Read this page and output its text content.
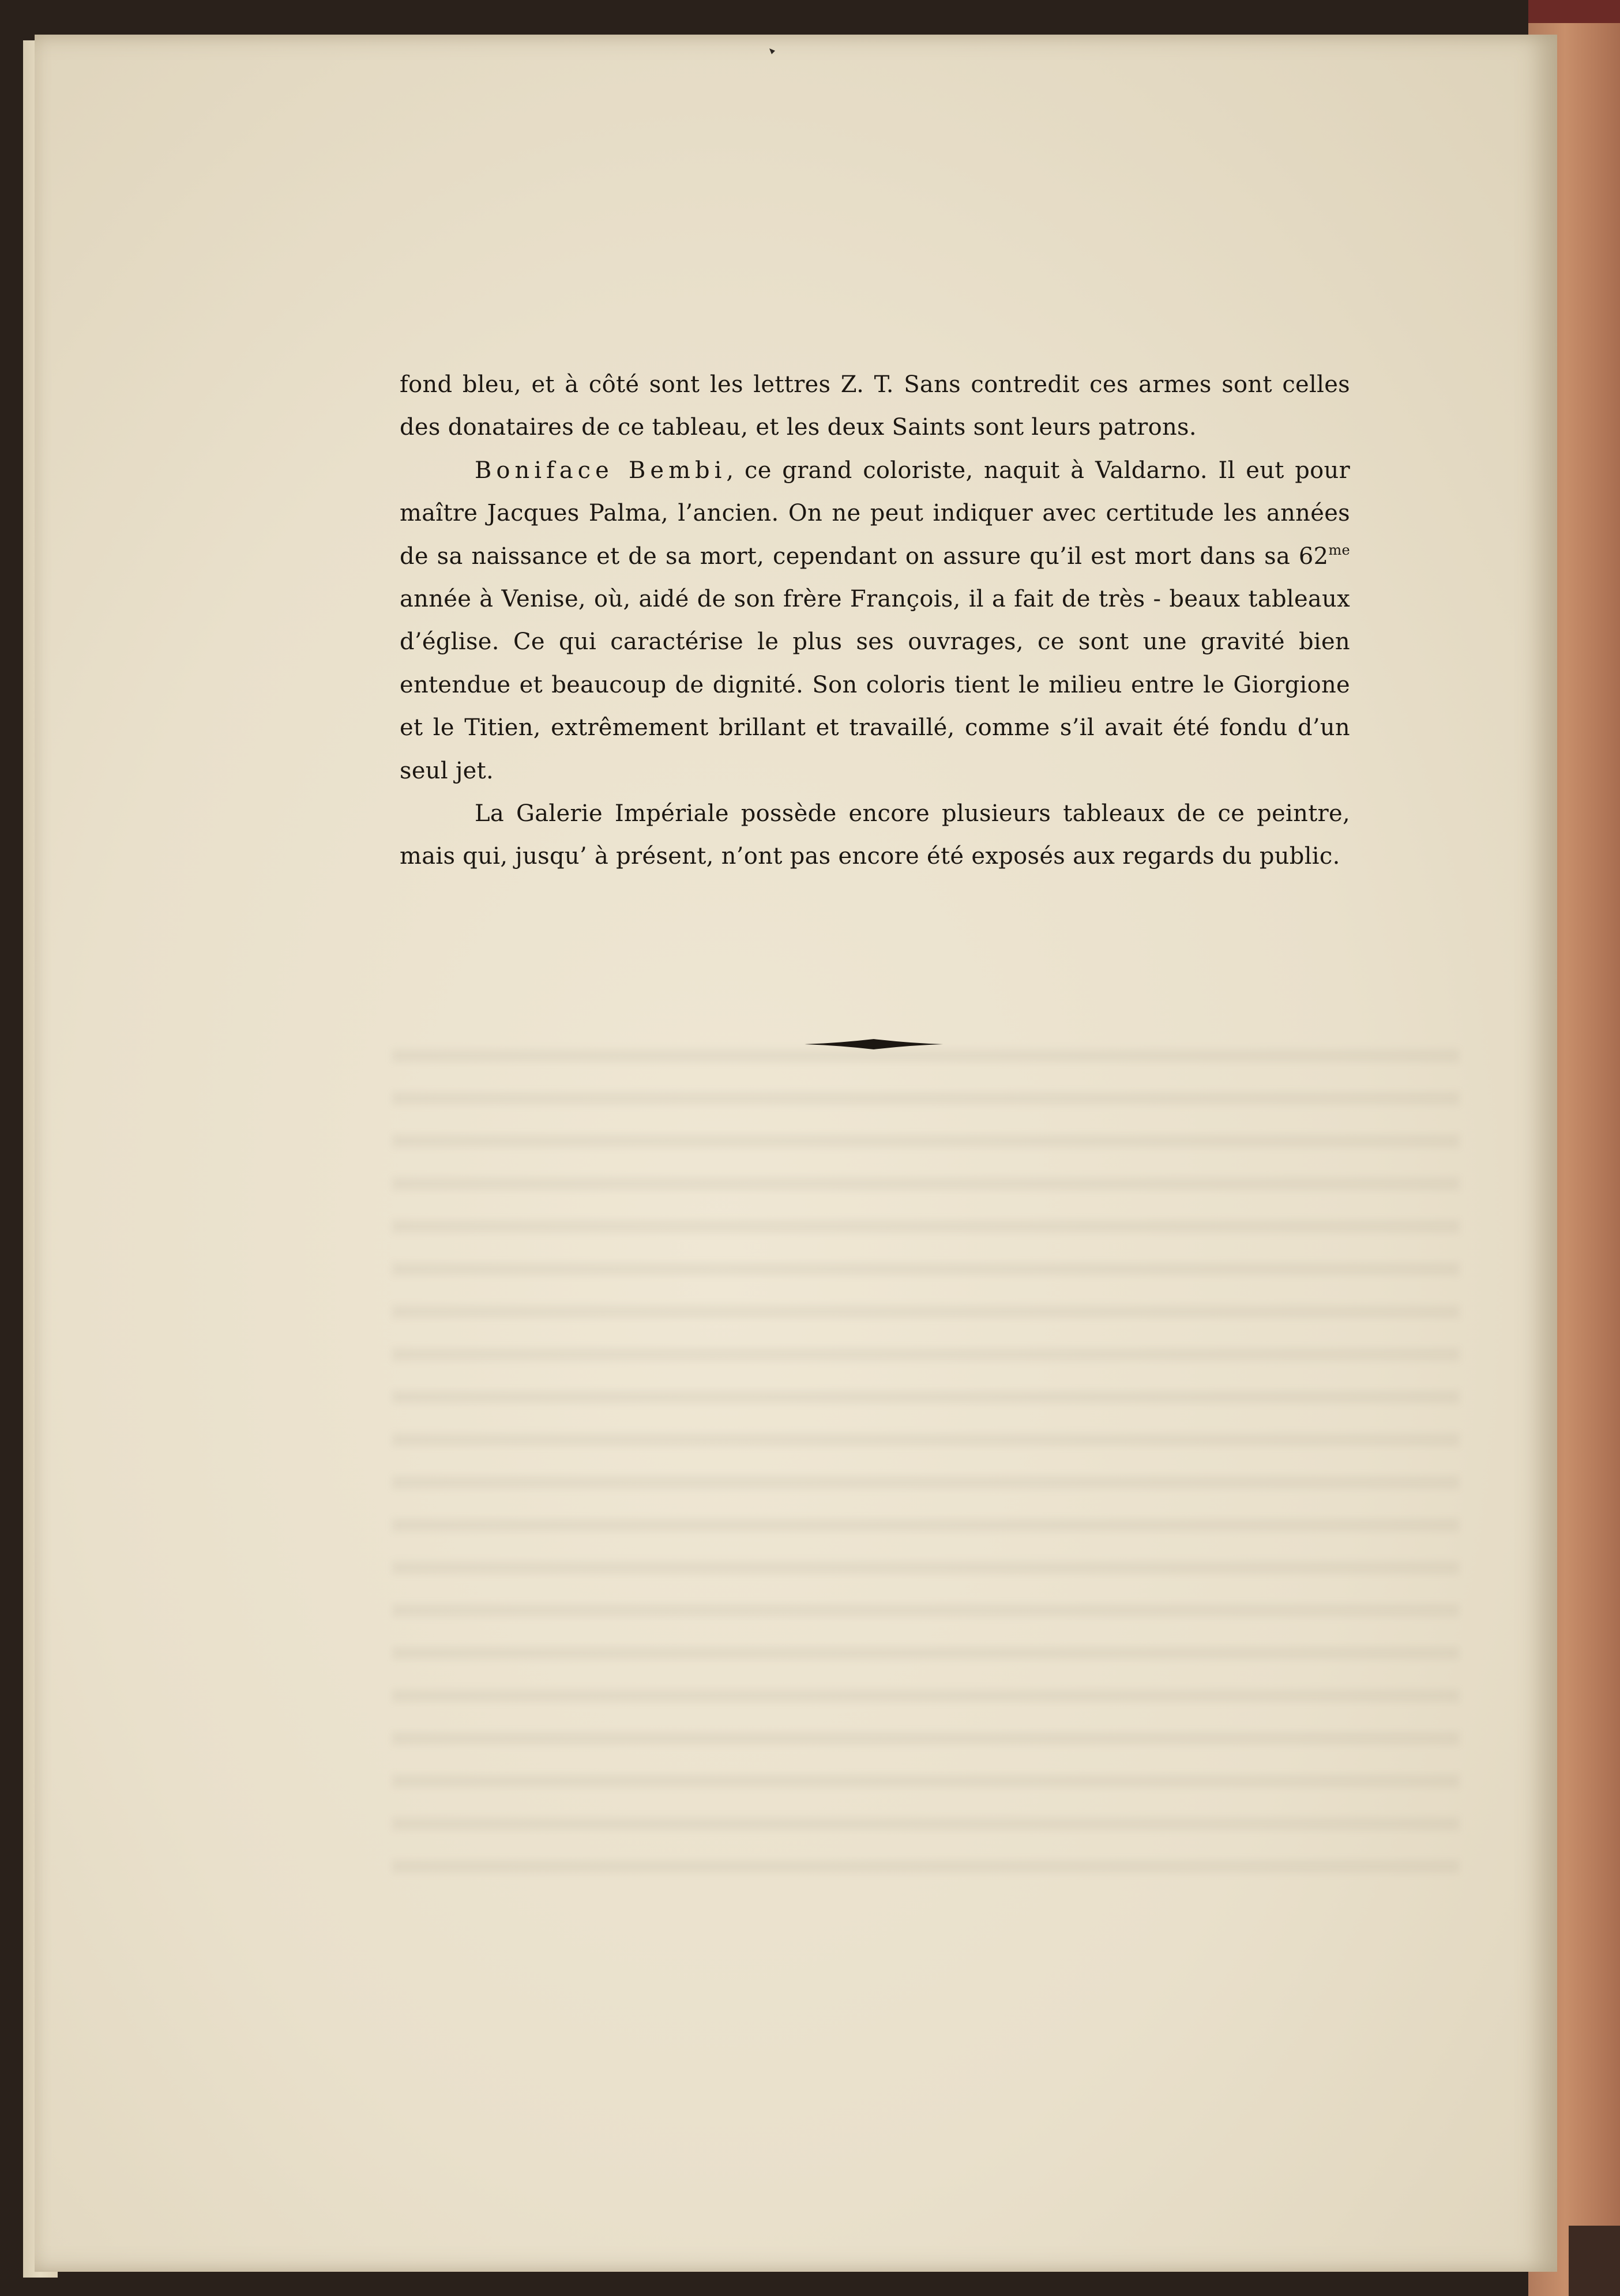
fond bleu, et à côté sont les lettres Z. T. Sans contredit ces armes sont celles des donataires de ce tableau, et les deux Saints sont leurs patrons.

Boniface Bembi, ce grand coloriste, naquit à Valdarno. Il eut pour maître Jacques Palma, l’ancien. On ne peut indiquer avec certitude les années de sa naissance et de sa mort, cependant on assure qu’il est mort dans sa $62^{me}$ année à Venise, où, aidé de son frère François, il a fait de très - beaux tableaux d’église. Ce qui caractérise le plus ses ouvrages, ce sont une gravité bien entendue et beaucoup de dignité. Son coloris tient le milieu entre le Giorgione et le Titien, extrêmement brillant et travaillé, comme s’il avait été fondu d’un seul jet.

La Galerie Impériale possède encore plusieurs tableaux de ce peintre, mais qui, jusqu’ à présent, n’ont pas encore été exposés aux regards du public.
